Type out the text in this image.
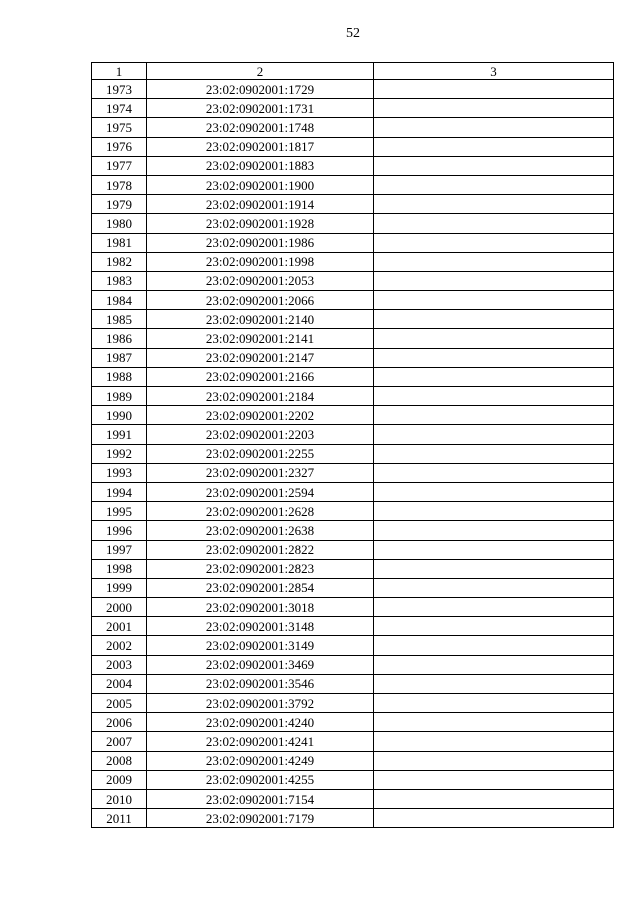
52
1	2	3
1973	23:02:0902001:1729	
1974	23:02:0902001:1731	
1975	23:02:0902001:1748	
1976	23:02:0902001:1817	
1977	23:02:0902001:1883	
1978	23:02:0902001:1900	
1979	23:02:0902001:1914	
1980	23:02:0902001:1928	
1981	23:02:0902001:1986	
1982	23:02:0902001:1998	
1983	23:02:0902001:2053	
1984	23:02:0902001:2066	
1985	23:02:0902001:2140	
1986	23:02:0902001:2141	
1987	23:02:0902001:2147	
1988	23:02:0902001:2166	
1989	23:02:0902001:2184	
1990	23:02:0902001:2202	
1991	23:02:0902001:2203	
1992	23:02:0902001:2255	
1993	23:02:0902001:2327	
1994	23:02:0902001:2594	
1995	23:02:0902001:2628	
1996	23:02:0902001:2638	
1997	23:02:0902001:2822	
1998	23:02:0902001:2823	
1999	23:02:0902001:2854	
2000	23:02:0902001:3018	
2001	23:02:0902001:3148	
2002	23:02:0902001:3149	
2003	23:02:0902001:3469	
2004	23:02:0902001:3546	
2005	23:02:0902001:3792	
2006	23:02:0902001:4240	
2007	23:02:0902001:4241	
2008	23:02:0902001:4249	
2009	23:02:0902001:4255	
2010	23:02:0902001:7154	
2011	23:02:0902001:7179	
